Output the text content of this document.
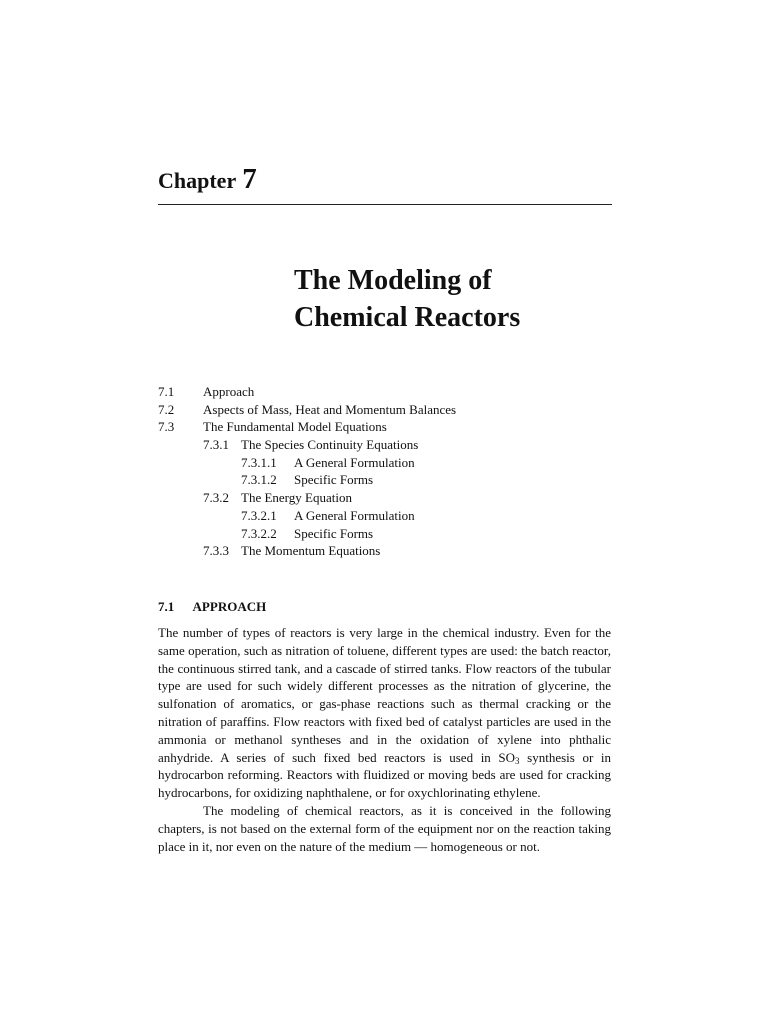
Chapter 7
The Modeling of
Chemical Reactors
7.1 Approach
7.2 Aspects of Mass, Heat and Momentum Balances
7.3 The Fundamental Model Equations
7.3.1 The Species Continuity Equations
7.3.1.1 A General Formulation
7.3.1.2 Specific Forms
7.3.2 The Energy Equation
7.3.2.1 A General Formulation
7.3.2.2 Specific Forms
7.3.3 The Momentum Equations
7.1 APPROACH

The number of types of reactors is very large in the chemical industry. Even for the same operation, such as nitration of toluene, different types are used: the batch reactor, the continuous stirred tank, and a cascade of stirred tanks. Flow reactors of the tubular type are used for such widely different processes as the nitration of glycerine, the sulfonation of aromatics, or gas-phase reactions such as thermal cracking or the nitration of paraffins. Flow reactors with fixed bed of catalyst particles are used in the ammonia or methanol syntheses and in the oxidation of xylene into phthalic anhydride. A series of such fixed bed reactors is used in $SO_3$ synthesis or in hydrocarbon reforming. Reactors with fluidized or moving beds are used for cracking hydrocarbons, for oxidizing naphthalene, or for oxychlorinating ethylene.

The modeling of chemical reactors, as it is conceived in the following chapters, is not based on the external form of the equipment nor on the reaction taking place in it, nor even on the nature of the medium — homogeneous or not.
